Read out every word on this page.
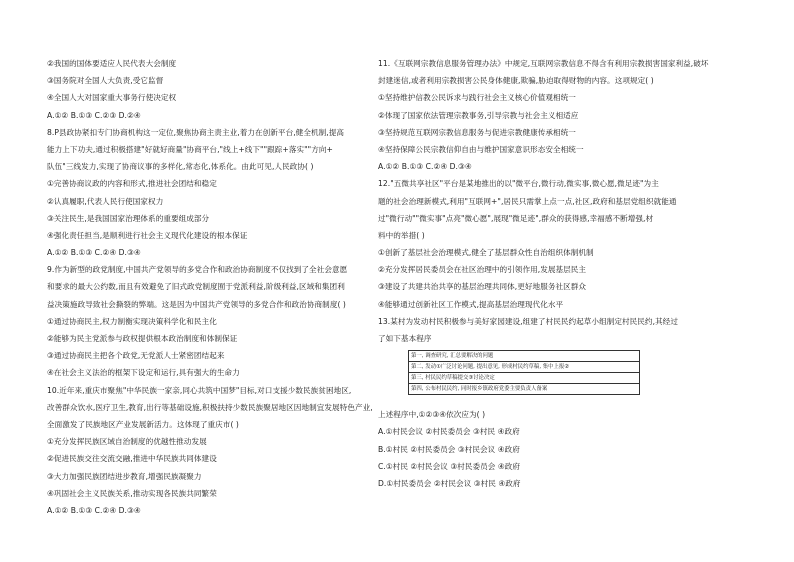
②我国的国体要适应人民代表大会制度
③国务院对全国人大负责,受它监督
④全国人大对国家重大事务行使决定权
A.①② B.①③ C.②③ D.②④
8.P县政协紧扣专门协商机构这一定位,聚焦协商主责主业,着力在创新平台,健全机制,提高
能力上下功夫,通过积极搭建"好就好商量"协商平台,"线上+线下""跟踪+落实""方向+
队伍"三线发力,实现了协商议事的多样化,常态化,体系化。由此可见,人民政协( )
①完善协商议政的内容和形式,推进社会团结和稳定
②认真履职,代表人民行使国家权力
③关注民生,是我国国家治理体系的重要组成部分
④强化责任担当,是顺利进行社会主义现代化建设的根本保证
A.①② B.①③ C.②④ D.③④
9.作为新型的政党制度,中国共产党领导的多党合作和政治协商制度不仅找到了全社会意愿
和要求的最大公约数,而且有效避免了旧式政党制度囿于党派利益,阶级利益,区域和集团利
益决策施政导致社会撕裂的弊端。这是因为中国共产党领导的多党合作和政治协商制度( )
①通过协商民主,权力制衡实现决策科学化和民主化
②能够为民主党派参与政权提供根本政治制度和体制保证
③通过协商民主把各个政党,无党派人士紧密团结起来
④在社会主义法治的框架下设定和运行,具有强大的生命力
10.近年来,重庆市聚焦"中华民族一家亲,同心共筑中国梦"目标,对口支援少数民族贫困地区,
改善群众饮水,医疗卫生,教育,出行等基础设施,积极扶持少数民族聚居地区因地制宜发展特色产业,
全面激发了民族地区产业发展新活力。这体现了重庆市( )
①充分发挥民族区域自治制度的优越性推动发展
②促进民族交往交流交融,推进中华民族共同体建设
③大力加强民族团结进步教育,增强民族凝聚力
④巩固社会主义民族关系,推动实现各民族共同繁荣
A.①② B.①③ C.②④ D.③④
11.《互联网宗教信息服务管理办法》中规定,互联网宗教信息不得含有利用宗教损害国家利益,破坏
封建迷信,或者利用宗教损害公民身体健康,欺骗,胁迫取得财物的内容。这项规定( )
①坚持维护信教公民诉求与践行社会主义核心价值观相统一
②体现了国家依法管理宗教事务,引导宗教与社会主义相适应
③坚持规范互联网宗教信息服务与促进宗教健康传承相统一
④坚持保障公民宗教信仰自由与维护国家意识形态安全相统一
A.①② B.①③ C.②④ D.③④
12."五微共享社区"平台是某地推出的以"微平台,微行动,微实事,微心愿,微足迹"为主
题的社会治理新模式,利用"互联网+",居民只需掌上点一点,社区,政府和基层党组织就能通
过"微行动""微实事"点亮"微心愿",展现"微足迹",群众的获得感,幸福感不断增强,材
料中的举措( )
①创新了基层社会治理模式,健全了基层群众性自治组织体制机制
②充分发挥居民委员会在社区治理中的引领作用,发展基层民主
③建设了共建共治共享的基层治理共同体,更好地服务社区群众
④能够通过创新社区工作模式,提高基层治理现代化水平
13.某村为发动村民积极参与美好家园建设,组建了村民民约起草小组制定村民民约,其经过
了如下基本程序
第一, 调查研究, 汇总要解决的问题
第二, 发动①广泛讨论问题, 提出意见, 形成村民约草稿, 集中上报②
第三, 村民民约草稿提交③讨论决定
第四, 公布村民民约, 同时报乡镇政府党委主要负责人备案
上述程序中,①②③④依次应为( )
A.①村民会议 ②村民委员会 ③村民 ④政府
B.①村民 ②村民委员会 ③村民会议 ④政府
C.①村民 ②村民会议 ③村民委员会 ④政府
D.①村民委员会 ②村民会议 ③村民 ④政府
